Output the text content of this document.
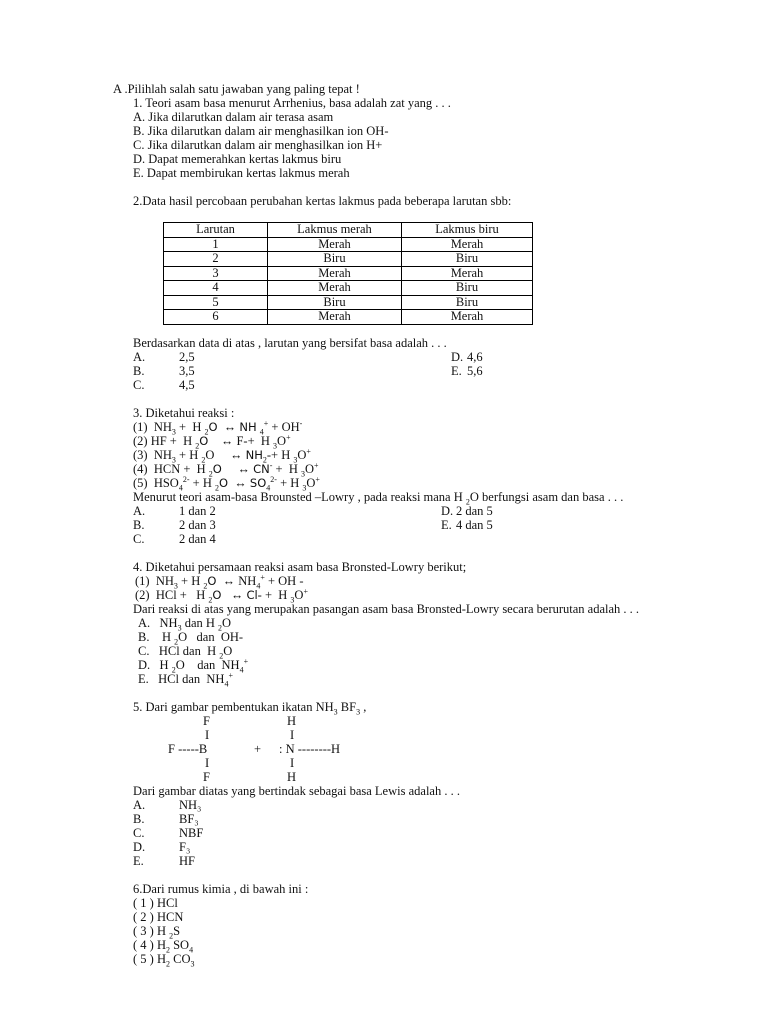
A .Pilihlah salah satu jawaban yang paling tepat !
1. Teori asam basa menurut Arrhenius, basa adalah zat yang . . .
A. Jika dilarutkan dalam air terasa asam
B. Jika dilarutkan dalam air menghasilkan ion OH-
C. Jika dilarutkan dalam air menghasilkan ion H+
D. Dapat memerahkan kertas lakmus biru
E. Dapat membirukan kertas lakmus merah
2.Data hasil percobaan perubahan kertas lakmus pada beberapa larutan sbb:
Larutan	Lakmus merah	Lakmus biru
1	Merah	Merah
2	Biru	Biru
3	Merah	Merah
4	Merah	Biru
5	Biru	Biru
6	Merah	Merah
Berdasarkan data di atas , larutan yang bersifat basa adalah . . .
A.	2,5
B.	3,5
C.	4,5
D. 4,6
E. 5,6
3. Diketahui reaksi :
(1)  $NH_3 + H$ $_2$O  ↔ NH $_4$+ + OH-
(2) HF +  H $_2$O    ↔ F-+  H $_3$O+
(3)  $NH_3 + H$ $_2$O     ↔ $NH_2-+ H$ $_3$O+
(4)  HCN +  H $_2$O     ↔ CN- +  H $_3$O+
(5)  $HSO_4^{2-} + H$ $_2$O  ↔ $SO_4^{2-} + H$ $_3$O+
Menurut teori asam-basa Brounsted –Lowry , pada reaksi mana H $_2$O berfungsi asam dan basa . . .
A.	1 dan 2
B.	2 dan 3
C.	2 dan 4
D. 2 dan 5
E. 4 dan 5
4. Diketahui persamaan reaksi asam basa Bronsted-Lowry berikut;
(1)  $NH_3 + H$ $_2$O  ↔ $NH_4^+$ + OH -
(2)  HCl +   H $_2$O   ↔ Cl- +  H $_3$O+
Dari reaksi di atas yang merupakan pasangan asam basa Bronsted-Lowry secara berurutan adalah . . .
A.   $NH_3$ dan H $_2$O
B.    H $_2$O   dan  OH-
C.   HCl dan  H $_2$O
D.   H $_2$O    dan  $NH_4^+$
E.   HCl dan  $NH_4^+$
5. Dari gambar pembentukan ikatan $NH_3$ $BF_3$ ,
F	H
I	I
F -----B	+ : N --------H
I	I
F	H
Dari gambar diatas yang bertindak sebagai basa Lewis adalah . . .
A.	NH₃
B.	BF₃
C.	NBF
D.	F₃
E.	HF
6.Dari rumus kimia , di bawah ini :
( 1 ) HCl
( 2 ) HCN
( 3 ) H $_2$S
( 4 ) $H_2$ $SO_4$
( 5 ) $H_2$ $CO_3$
